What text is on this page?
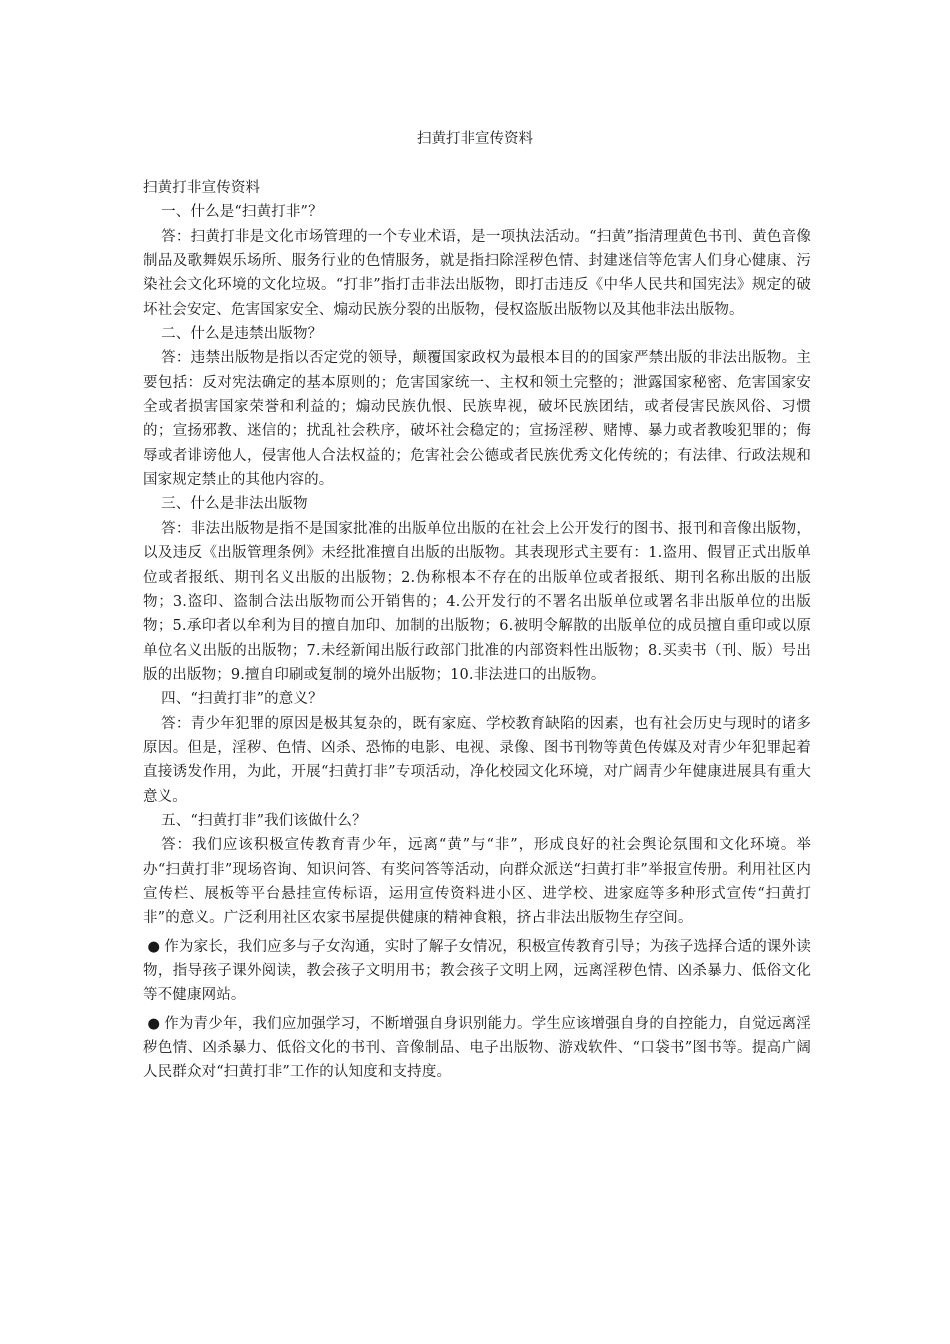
扫黄打非宣传资料

扫黄打非宣传资料

一、什么是“扫黄打非”？

答：扫黄打非是文化市场管理的一个专业术语，是一项执法活动。“扫黄”指清理黄色书刊、黄色音像制品及歌舞娱乐场所、服务行业的色情服务，就是指扫除淫秽色情、封建迷信等危害人们身心健康、污染社会文化环境的文化垃圾。“打非”指打击非法出版物，即打击违反《中华人民共和国宪法》规定的破坏社会安定、危害国家安全、煽动民族分裂的出版物，侵权盗版出版物以及其他非法出版物。

二、什么是违禁出版物？

答：违禁出版物是指以否定党的领导，颠覆国家政权为最根本目的的国家严禁出版的非法出版物。主要包括：反对宪法确定的基本原则的；危害国家统一、主权和领土完整的；泄露国家秘密、危害国家安全或者损害国家荣誉和利益的；煽动民族仇恨、民族卑视，破坏民族团结，或者侵害民族风俗、习惯的；宣扬邪教、迷信的；扰乱社会秩序，破坏社会稳定的；宣扬淫秽、赌博、暴力或者教唆犯罪的；侮辱或者诽谤他人，侵害他人合法权益的；危害社会公德或者民族优秀文化传统的；有法律、行政法规和国家规定禁止的其他内容的。

三、什么是非法出版物

答：非法出版物是指不是国家批准的出版单位出版的在社会上公开发行的图书、报刊和音像出版物，以及违反《出版管理条例》未经批准擅自出版的出版物。其表现形式主要有：1.盗用、假冒正式出版单位或者报纸、期刊名义出版的出版物；2.伪称根本不存在的出版单位或者报纸、期刊名称出版的出版物；3.盗印、盗制合法出版物而公开销售的；4.公开发行的不署名出版单位或署名非出版单位的出版物；5.承印者以牟利为目的擅自加印、加制的出版物；6.被明令解散的出版单位的成员擅自重印或以原单位名义出版的出版物；7.未经新闻出版行政部门批准的内部资料性出版物；8.买卖书（刊、版）号出版的出版物；9.擅自印刷或复制的境外出版物；10.非法进口的出版物。

四、“扫黄打非”的意义？

答：青少年犯罪的原因是极其复杂的，既有家庭、学校教育缺陷的因素，也有社会历史与现时的诸多原因。但是，淫秽、色情、凶杀、恐怖的电影、电视、录像、图书刊物等黄色传媒及对青少年犯罪起着直接诱发作用，为此，开展“扫黄打非”专项活动，净化校园文化环境，对广阔青少年健康进展具有重大意义。

五、“扫黄打非”我们该做什么？

答：我们应该积极宣传教育青少年，远离“黄”与“非”，形成良好的社会舆论氛围和文化环境。举办“扫黄打非”现场咨询、知识问答、有奖问答等活动，向群众派送“扫黄打非”举报宣传册。利用社区内宣传栏、展板等平台悬挂宣传标语，运用宣传资料进小区、进学校、进家庭等多种形式宣传“扫黄打非”的意义。广泛利用社区农家书屋提供健康的精神食粮，挤占非法出版物生存空间。

● 作为家长，我们应多与子女沟通，实时了解子女情况，积极宣传教育引导；为孩子选择合适的课外读物，指导孩子课外阅读，教会孩子文明用书；教会孩子文明上网，远离淫秽色情、凶杀暴力、低俗文化等不健康网站。

● 作为青少年，我们应加强学习，不断增强自身识别能力。学生应该增强自身的自控能力，自觉远离淫秽色情、凶杀暴力、低俗文化的书刊、音像制品、电子出版物、游戏软件、“口袋书”图书等。提高广阔人民群众对“扫黄打非”工作的认知度和支持度。
